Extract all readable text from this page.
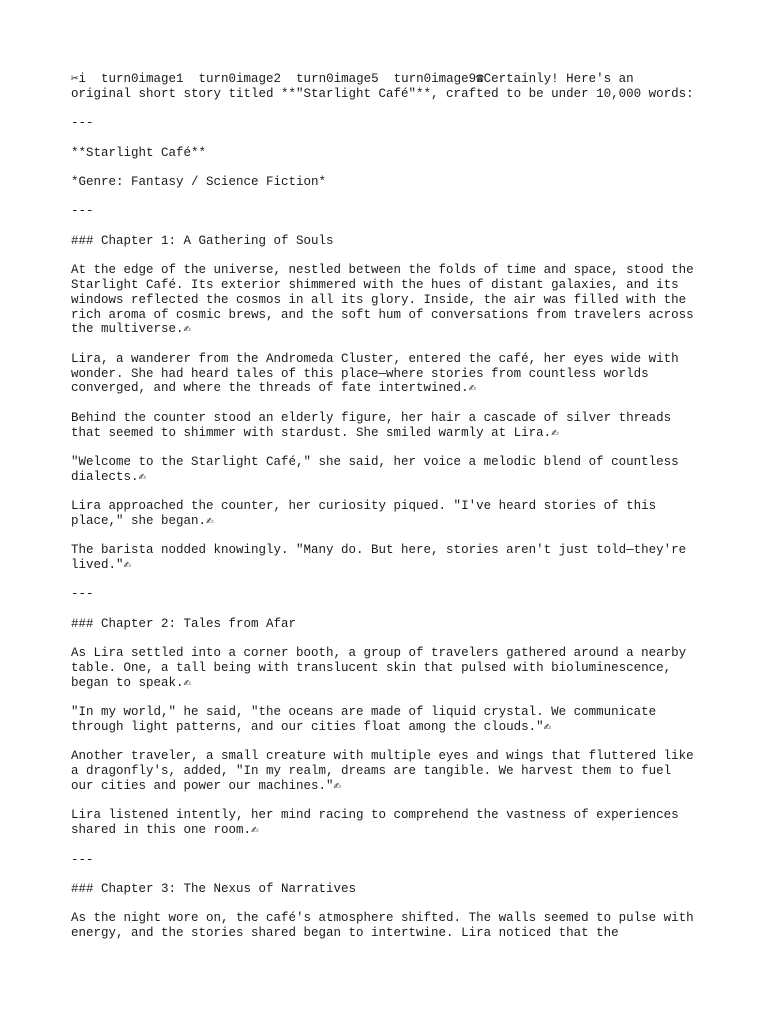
✂i  turn0image1  turn0image2  turn0image5  turn0image9☎Certainly! Here's an
original short story titled **"Starlight Café"**, crafted to be under 10,000 words:

---

**Starlight Café**

*Genre: Fantasy / Science Fiction*

---

### Chapter 1: A Gathering of Souls

At the edge of the universe, nestled between the folds of time and space, stood the
Starlight Café. Its exterior shimmered with the hues of distant galaxies, and its
windows reflected the cosmos in all its glory. Inside, the air was filled with the
rich aroma of cosmic brews, and the soft hum of conversations from travelers across
the multiverse.✍

Lira, a wanderer from the Andromeda Cluster, entered the café, her eyes wide with
wonder. She had heard tales of this place—where stories from countless worlds
converged, and where the threads of fate intertwined.✍

Behind the counter stood an elderly figure, her hair a cascade of silver threads
that seemed to shimmer with stardust. She smiled warmly at Lira.✍

"Welcome to the Starlight Café," she said, her voice a melodic blend of countless
dialects.✍

Lira approached the counter, her curiosity piqued. "I've heard stories of this
place," she began.✍

The barista nodded knowingly. "Many do. But here, stories aren't just told—they're
lived."✍

---

### Chapter 2: Tales from Afar

As Lira settled into a corner booth, a group of travelers gathered around a nearby
table. One, a tall being with translucent skin that pulsed with bioluminescence,
began to speak.✍

"In my world," he said, "the oceans are made of liquid crystal. We communicate
through light patterns, and our cities float among the clouds."✍

Another traveler, a small creature with multiple eyes and wings that fluttered like
a dragonfly's, added, "In my realm, dreams are tangible. We harvest them to fuel
our cities and power our machines."✍

Lira listened intently, her mind racing to comprehend the vastness of experiences
shared in this one room.✍

---

### Chapter 3: The Nexus of Narratives

As the night wore on, the café's atmosphere shifted. The walls seemed to pulse with
energy, and the stories shared began to intertwine. Lira noticed that the
